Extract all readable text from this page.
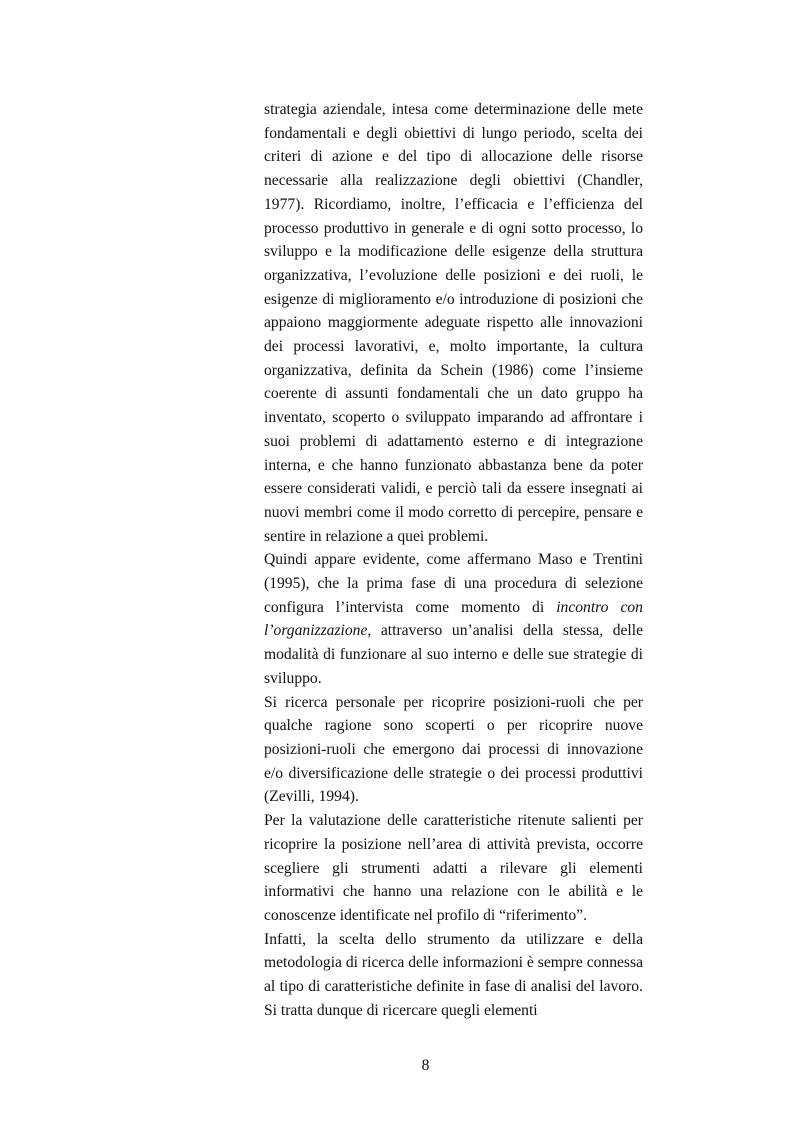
strategia aziendale, intesa come determinazione delle mete fondamentali e degli obiettivi di lungo periodo, scelta dei criteri di azione e del tipo di allocazione delle risorse necessarie alla realizzazione degli obiettivi (Chandler, 1977). Ricordiamo, inoltre, l’efficacia e l’efficienza del processo produttivo in generale e di ogni sotto processo, lo sviluppo e la modificazione delle esigenze della struttura organizzativa, l’evoluzione delle posizioni e dei ruoli, le esigenze di miglioramento e/o introduzione di posizioni che appaiono maggiormente adeguate rispetto alle innovazioni dei processi lavorativi, e, molto importante, la cultura organizzativa, definita da Schein (1986) come l’insieme coerente di assunti fondamentali che un dato gruppo ha inventato, scoperto o sviluppato imparando ad affrontare i suoi problemi di adattamento esterno e di integrazione interna, e che hanno funzionato abbastanza bene da poter essere considerati validi, e perciò tali da essere insegnati ai nuovi membri come il modo corretto di percepire, pensare e sentire in relazione a quei problemi.

Quindi appare evidente, come affermano Maso e Trentini (1995), che la prima fase di una procedura di selezione configura l’intervista come momento di incontro con l’organizzazione, attraverso un’analisi della stessa, delle modalità di funzionare al suo interno e delle sue strategie di sviluppo.

Si ricerca personale per ricoprire posizioni-ruoli che per qualche ragione sono scoperti o per ricoprire nuove posizioni-ruoli che emergono dai processi di innovazione e/o diversificazione delle strategie o dei processi produttivi (Zevilli, 1994).

Per la valutazione delle caratteristiche ritenute salienti per ricoprire la posizione nell’area di attività prevista, occorre scegliere gli strumenti adatti a rilevare gli elementi informativi che hanno una relazione con le abilità e le conoscenze identificate nel profilo di “riferimento”.

Infatti, la scelta dello strumento da utilizzare e della metodologia di ricerca delle informazioni è sempre connessa al tipo di caratteristiche definite in fase di analisi del lavoro. Si tratta dunque di ricercare quegli elementi

8
